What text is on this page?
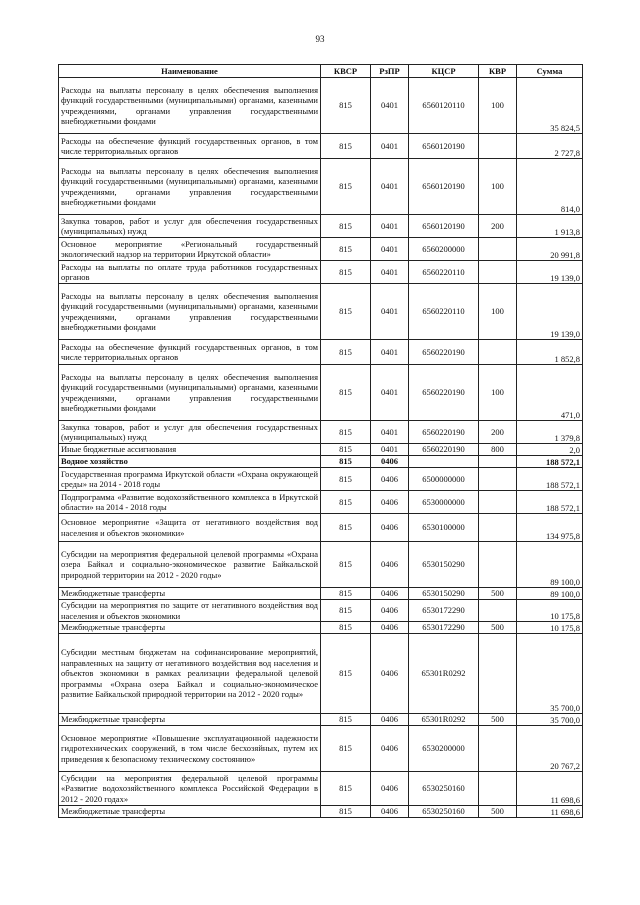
93
Наименование	КВСР	РзПР	КЦСР	КВР	Сумма
Расходы на выплаты персоналу в целях обеспечения выполнения функций государственными (муниципальными) органами, казенными учреждениями, органами управления государственными внебюджетными фондами	815	0401	6560120110	100	35 824,5
Расходы на обеспечение функций государственных органов, в том числе территориальных органов	815	0401	6560120190		2 727,8
Расходы на выплаты персоналу в целях обеспечения выполнения функций государственными (муниципальными) органами, казенными учреждениями, органами управления государственными внебюджетными фондами	815	0401	6560120190	100	814,0
Закупка товаров, работ и услуг для обеспечения государственных (муниципальных) нужд	815	0401	6560120190	200	1 913,8
Основное мероприятие «Региональный государственный экологический надзор на территории Иркутской области»	815	0401	6560200000		20 991,8
Расходы на выплаты по оплате труда работников государственных органов	815	0401	6560220110		19 139,0
Расходы на выплаты персоналу в целях обеспечения выполнения функций государственными (муниципальными) органами, казенными учреждениями, органами управления государственными внебюджетными фондами	815	0401	6560220110	100	19 139,0
Расходы на обеспечение функций государственных органов, в том числе территориальных органов	815	0401	6560220190		1 852,8
Расходы на выплаты персоналу в целях обеспечения выполнения функций государственными (муниципальными) органами, казенными учреждениями, органами управления государственными внебюджетными фондами	815	0401	6560220190	100	471,0
Закупка товаров, работ и услуг для обеспечения государственных (муниципальных) нужд	815	0401	6560220190	200	1 379,8
Иные бюджетные ассигнования	815	0401	6560220190	800	2,0
Водное хозяйство	815	0406			188 572,1
Государственная программа Иркутской области «Охрана окружающей среды» на 2014 - 2018 годы	815	0406	6500000000		188 572,1
Подпрограмма «Развитие водохозяйственного комплекса в Иркутской области» на 2014 - 2018 годы	815	0406	6530000000		188 572,1
Основное мероприятие «Защита от негативного воздействия вод населения и объектов экономики»	815	0406	6530100000		134 975,8
Субсидии на мероприятия федеральной целевой программы «Охрана озера Байкал и социально-экономическое развитие Байкальской природной территории на 2012 - 2020 годы»	815	0406	6530150290		89 100,0
Межбюджетные трансферты	815	0406	6530150290	500	89 100,0
Субсидии на мероприятия по защите от негативного воздействия вод населения и объектов экономики	815	0406	6530172290		10 175,8
Межбюджетные трансферты	815	0406	6530172290	500	10 175,8
Субсидии местным бюджетам на софинансирование мероприятий, направленных на защиту от негативного воздействия вод населения и объектов экономики в рамках реализации федеральной целевой программы «Охрана озера Байкал и социально-экономическое развитие Байкальской природной территории на 2012 - 2020 годы»	815	0406	65301R0292		35 700,0
Межбюджетные трансферты	815	0406	65301R0292	500	35 700,0
Основное мероприятие «Повышение эксплуатационной надежности гидротехнических сооружений, в том числе бесхозяйных, путем их приведения к безопасному техническому состоянию»	815	0406	6530200000		20 767,2
Субсидии на мероприятия федеральной целевой программы «Развитие водохозяйственного комплекса Российской Федерации в 2012 - 2020 годах»	815	0406	6530250160		11 698,6
Межбюджетные трансферты	815	0406	6530250160	500	11 698,6
